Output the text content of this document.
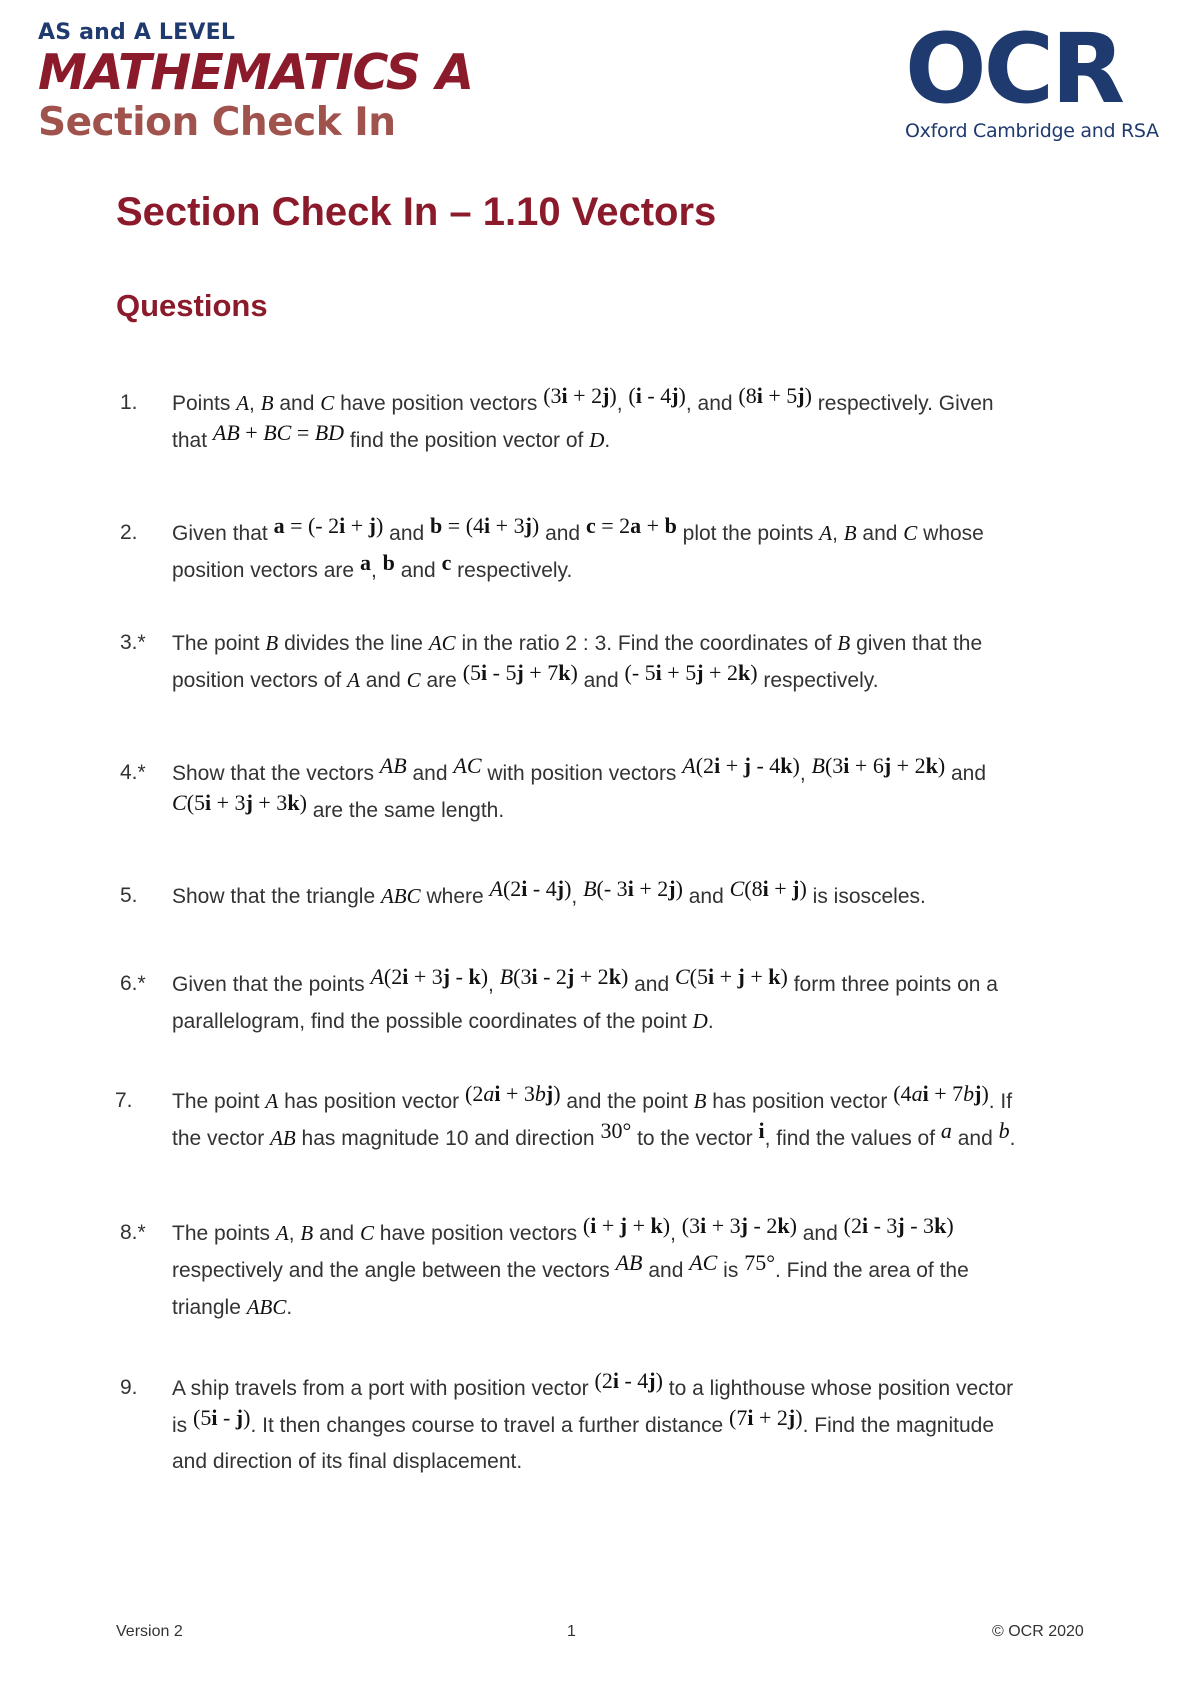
AS and A LEVEL
MATHEMATICS A
Section Check In	OCR
Oxford Cambridge and RSA
Section Check In – 1.10 Vectors
Questions
1.	Points A, B and C have position vectors (3i + 2j), (i - 4j), and (8i + 5j) respectively. Given
that AB + BC = BD find the position vector of D.
2.	Given that a = (- 2i + j) and b = (4i + 3j) and c = 2a + b plot the points A, B and C whose
position vectors are a, b and c respectively.
3.*	The point B divides the line AC in the ratio 2 : 3. Find the coordinates of B given that the
position vectors of A and C are (5i - 5j + 7k) and (- 5i + 5j + 2k) respectively.
4.*	Show that the vectors AB and AC with position vectors A(2i + j - 4k), B(3i + 6j + 2k) and
C(5i + 3j + 3k) are the same length.
5.	Show that the triangle ABC where A(2i - 4j), B(- 3i + 2j) and C(8i + j) is isosceles.
6.*	Given that the points A(2i + 3j - k), B(3i - 2j + 2k) and C(5i + j + k) form three points on a
parallelogram, find the possible coordinates of the point D.
7.	The point A has position vector (2ai + 3bj) and the point B has position vector (4ai + 7bj). If
the vector AB has magnitude 10 and direction 30° to the vector i, find the values of a and b.
8.*	The points A, B and C have position vectors (i + j + k), (3i + 3j - 2k) and (2i - 3j - 3k)
respectively and the angle between the vectors AB and AC is 75°. Find the area of the
triangle ABC.
9.	A ship travels from a port with position vector (2i - 4j) to a lighthouse whose position vector
is (5i - j). It then changes course to travel a further distance (7i + 2j). Find the magnitude
and direction of its final displacement.
Version 2	1	© OCR 2020
